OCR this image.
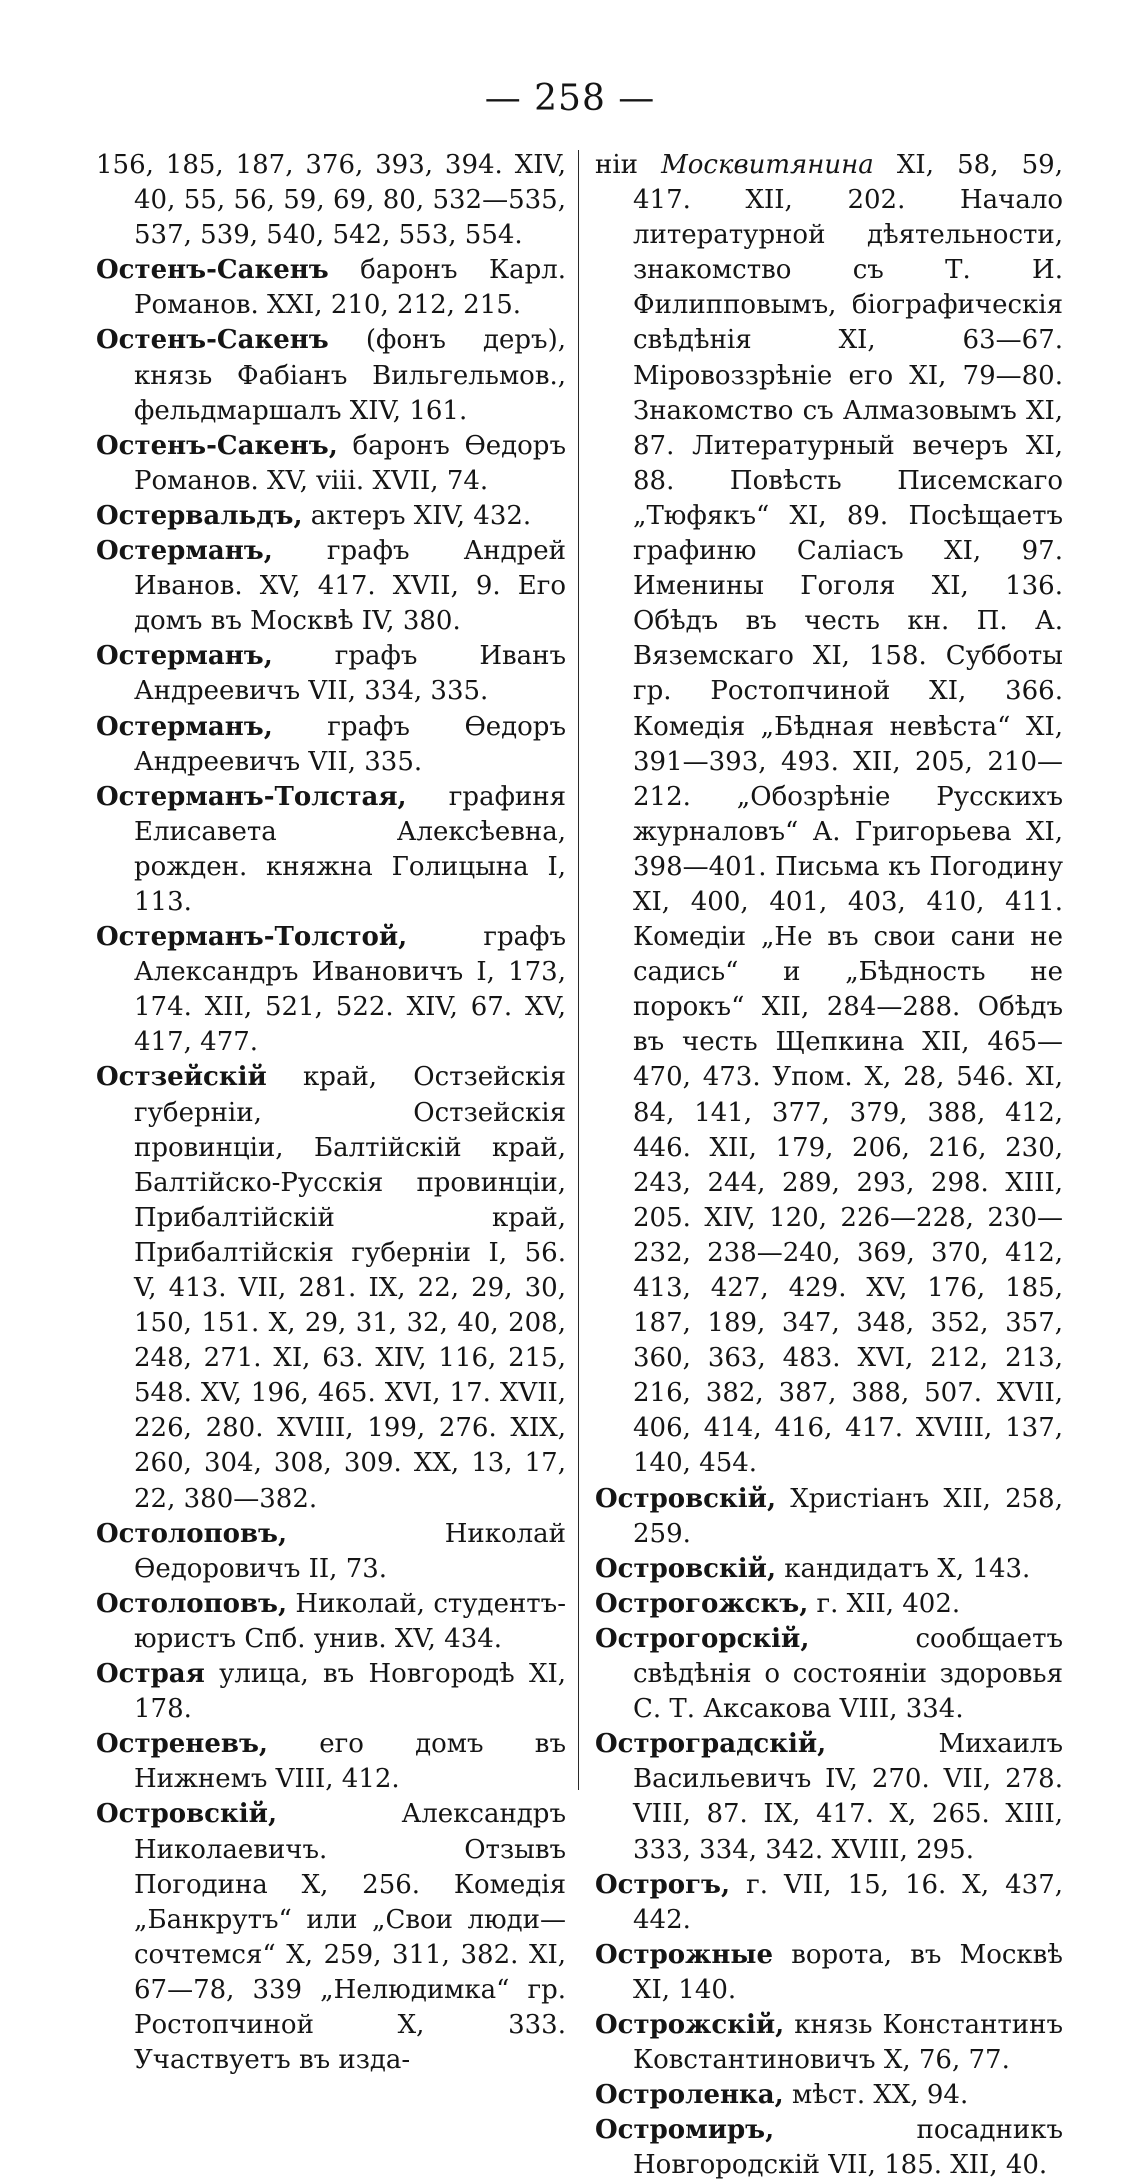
— 258 —

156, 185, 187, 376, 393, 394. XIV, 40, 55, 56, 59, 69, 80, 532—535, 537, 539, 540, 542, 553, 554.

Остенъ-Сакенъ баронъ Карл. Романов. XXI, 210, 212, 215.

Остенъ-Сакенъ (фонъ деръ), князь Фабіанъ Вильгельмов., фельдмаршалъ XIV, 161.

Остенъ-Сакенъ, баронъ Ѳедоръ Романов. XV, viii. XVII, 74.

Остервальдъ, актеръ XIV, 432.

Остерманъ, графъ Андрей Иванов. XV, 417. XVII, 9. Его домъ въ Москвѣ IV, 380.

Остерманъ, графъ Иванъ Андреевичъ VII, 334, 335.

Остерманъ, графъ Ѳедоръ Андреевичъ VII, 335.

Остерманъ-Толстая, графиня Елисавета Алексѣевна, рожден. княжна Голицына I, 113.

Остерманъ-Толстой, графъ Александръ Ивановичъ I, 173, 174. XII, 521, 522. XIV, 67. XV, 417, 477.

Остзейскій край, Остзейскія губерніи, Остзейскія провинціи, Балтійскій край, Балтійско-Русскія провинціи, Прибалтійскій край, Прибалтійскія губерніи I, 56. V, 413. VII, 281. IX, 22, 29, 30, 150, 151. X, 29, 31, 32, 40, 208, 248, 271. XI, 63. XIV, 116, 215, 548. XV, 196, 465. XVI, 17. XVII, 226, 280. XVIII, 199, 276. XIX, 260, 304, 308, 309. XX, 13, 17, 22, 380—382.

Остолоповъ, Николай Ѳедоровичъ II, 73.

Остолоповъ, Николай, студентъ-юристъ Спб. унив. XV, 434.

Острая улица, въ Новгородѣ XI, 178.

Остреневъ, его домъ въ Нижнемъ VIII, 412.

Островскій, Александръ Николаевичъ. Отзывъ Погодина X, 256. Комедія „Банкрутъ“ или „Свои люди—сочтемся“ X, 259, 311, 382. XI, 67—78, 339 „Нелюдимка“ гр. Ростопчиной X, 333. Участвуетъ въ изда-

ніи Москвитянина XI, 58, 59, 417. XII, 202. Начало литературной дѣятельности, знакомство съ Т. И. Филипповымъ, біографическія свѣдѣнія XI, 63—67. Міровоззрѣніе его XI, 79—80. Знакомство съ Алмазовымъ XI, 87. Литературный вечеръ XI, 88. Повѣсть Писемскаго „Тюфякъ“ XI, 89. Посѣщаетъ графиню Саліасъ XI, 97. Именины Гоголя XI, 136. Обѣдъ въ честь кн. П. А. Вяземскаго XI, 158. Субботы гр. Ростопчиной XI, 366. Комедія „Бѣдная невѣста“ XI, 391—393, 493. XII, 205, 210—212. „Обозрѣніе Русскихъ журналовъ“ А. Григорьева XI, 398—401. Письма къ Погодину XI, 400, 401, 403, 410, 411. Комедіи „Не въ свои сани не садись“ и „Бѣдность не порокъ“ XII, 284—288. Обѣдъ въ честь Щепкина XII, 465—470, 473. Упом. X, 28, 546. XI, 84, 141, 377, 379, 388, 412, 446. XII, 179, 206, 216, 230, 243, 244, 289, 293, 298. XIII, 205. XIV, 120, 226—228, 230—232, 238—240, 369, 370, 412, 413, 427, 429. XV, 176, 185, 187, 189, 347, 348, 352, 357, 360, 363, 483. XVI, 212, 213, 216, 382, 387, 388, 507. XVII, 406, 414, 416, 417. XVIII, 137, 140, 454.

Островскій, Христіанъ XII, 258, 259.

Островскій, кандидатъ X, 143.

Острогожскъ, г. XII, 402.

Острогорскій, сообщаетъ свѣдѣнія о состояніи здоровья С. Т. Аксакова VIII, 334.

Остроградскій, Михаилъ Васильевичъ IV, 270. VII, 278. VIII, 87. IX, 417. X, 265. XIII, 333, 334, 342. XVIII, 295.

Острогъ, г. VII, 15, 16. X, 437, 442.

Острожные ворота, въ Москвѣ XI, 140.

Острожскій, князь Константинъ Ковстантиновичъ X, 76, 77.

Остроленка, мѣст. XX, 94.

Остромиръ, посадникъ Новгородскій VII, 185. XII, 40.
